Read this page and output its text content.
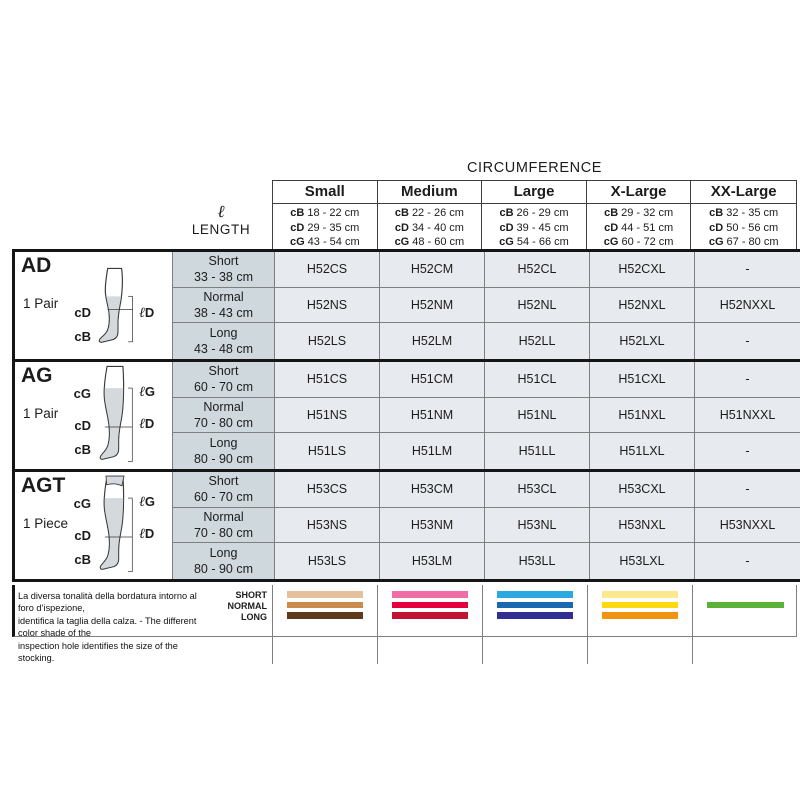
CIRCUMFERENCE
ℓ
LENGTH
Small	Medium	Large	X-Large	XX-Large
cB 18 - 22 cm
cD 29 - 35 cm
cG 43 - 54 cm
cB 22 - 26 cm
cD 34 - 40 cm
cG 48 - 60 cm
cB 26 - 29 cm
cD 39 - 45 cm
cG 54 - 66 cm
cB 29 - 32 cm
cD 44 - 51 cm
cG 60 - 72 cm
cB 32 - 35 cm
cD 50 - 56 cm
cG 67 - 80 cm
AD
1 Pair
cD
cB
ℓD
Short
33 - 38 cm
H52CS	H52CM	H52CL	H52CXL	-
Normal
38 - 43 cm
H52NS	H52NM	H52NL	H52NXL	H52NXXL
Long
43 - 48 cm
H52LS	H52LM	H52LL	H52LXL	-
AG
1 Pair
cG
cD
cB
ℓG
ℓD
Short
60 - 70 cm
H51CS	H51CM	H51CL	H51CXL	-
Normal
70 - 80 cm
H51NS	H51NM	H51NL	H51NXL	H51NXXL
Long
80 - 90 cm
H51LS	H51LM	H51LL	H51LXL	-
AGT
1 Piece
cG
cD
cB
ℓG
ℓD
Short
60 - 70 cm
H53CS	H53CM	H53CL	H53CXL	-
Normal
70 - 80 cm
H53NS	H53NM	H53NL	H53NXL	H53NXXL
Long
80 - 90 cm
H53LS	H53LM	H53LL	H53LXL	-
La diversa tonalità della bordatura intorno al foro d’ispezione,
identifica la taglia della calza. - The different color shade of the
inspection hole identifies the size of the stocking.
SHORT
NORMAL
LONG
